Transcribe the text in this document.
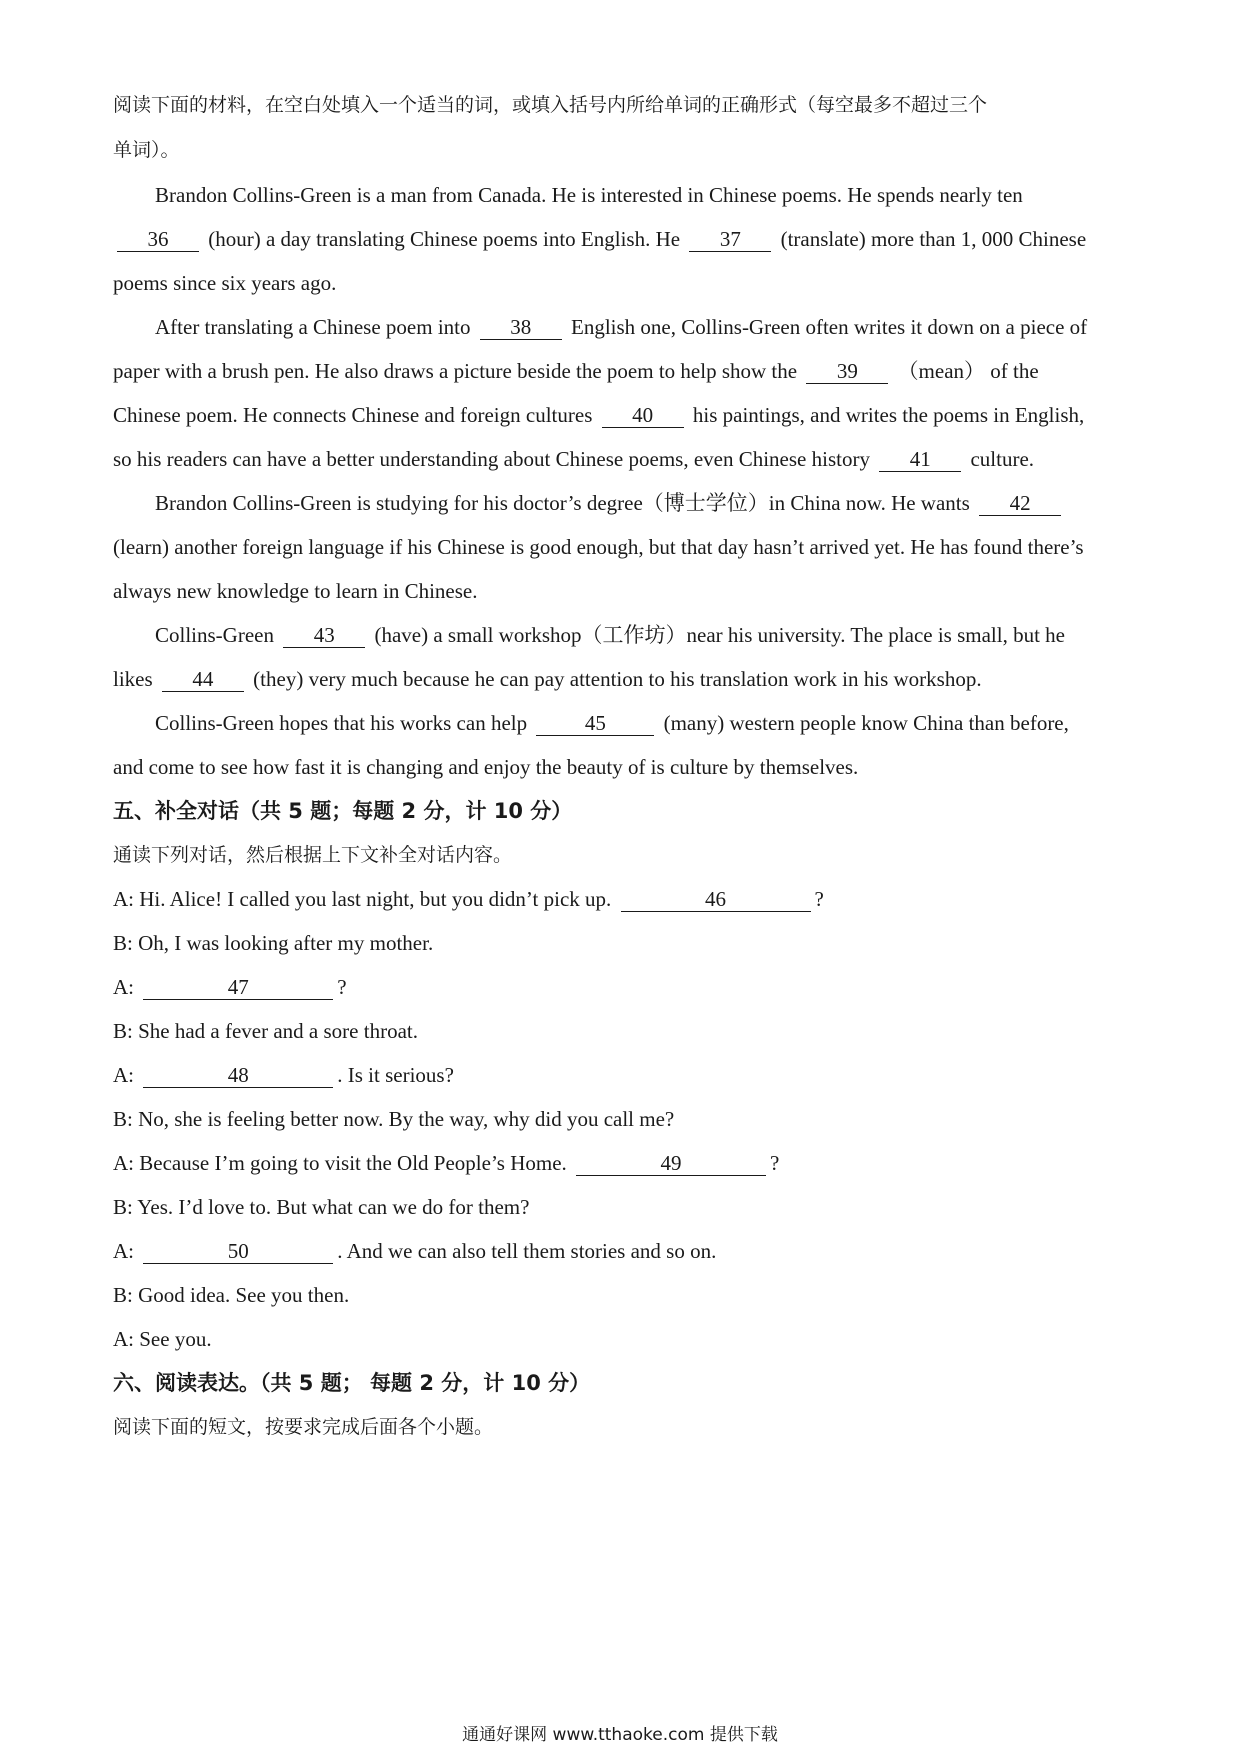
阅读下面的材料，在空白处填入一个适当的词，或填入括号内所给单词的正确形式（每空最多不超过三个
单词）。
Brandon Collins-Green is a man from Canada. He is interested in Chinese poems. He spends nearly ten
36 (hour) a day translating Chinese poems into English. He 37 (translate) more than 1, 000 Chinese
poems since six years ago.
After translating a Chinese poem into 38 English one, Collins-Green often writes it down on a piece of
paper with a brush pen. He also draws a picture beside the poem to help show the 39 （mean） of the
Chinese poem. He connects Chinese and foreign cultures 40 his paintings, and writes the poems in English,
so his readers can have a better understanding about Chinese poems, even Chinese history 41 culture.
Brandon Collins-Green is studying for his doctor’s degree（博士学位）in China now. He wants 42
(learn) another foreign language if his Chinese is good enough, but that day hasn’t arrived yet. He has found there’s
always new knowledge to learn in Chinese.
Collins-Green 43 (have) a small workshop（工作坊）near his university. The place is small, but he
likes 44 (they) very much because he can pay attention to his translation work in his workshop.
Collins-Green hopes that his works can help	45	(many) western people know China than before,
and come to see how fast it is changing and enjoy the beauty of is culture by themselves.
五、补全对话（共 5 题；每题 2 分，计 10 分）
通读下列对话，然后根据上下文补全对话内容。
A: Hi. Alice! I called you last night, but you didn’t pick up.	46	?
B: Oh, I was looking after my mother.
A:	47	?
B: She had a fever and a sore throat.
A:	48	. Is it serious?
B: No, she is feeling better now. By the way, why did you call me?
A: Because I’m going to visit the Old People’s Home.	49	?
B: Yes. I’d love to. But what can we do for them?
A:	50	. And we can also tell them stories and so on.
B: Good idea. See you then.
A: See you.
六、阅读表达。（共 5 题； 每题 2 分，计 10 分）
阅读下面的短文，按要求完成后面各个小题。
通通好课网 www.tthaoke.com 提供下载
